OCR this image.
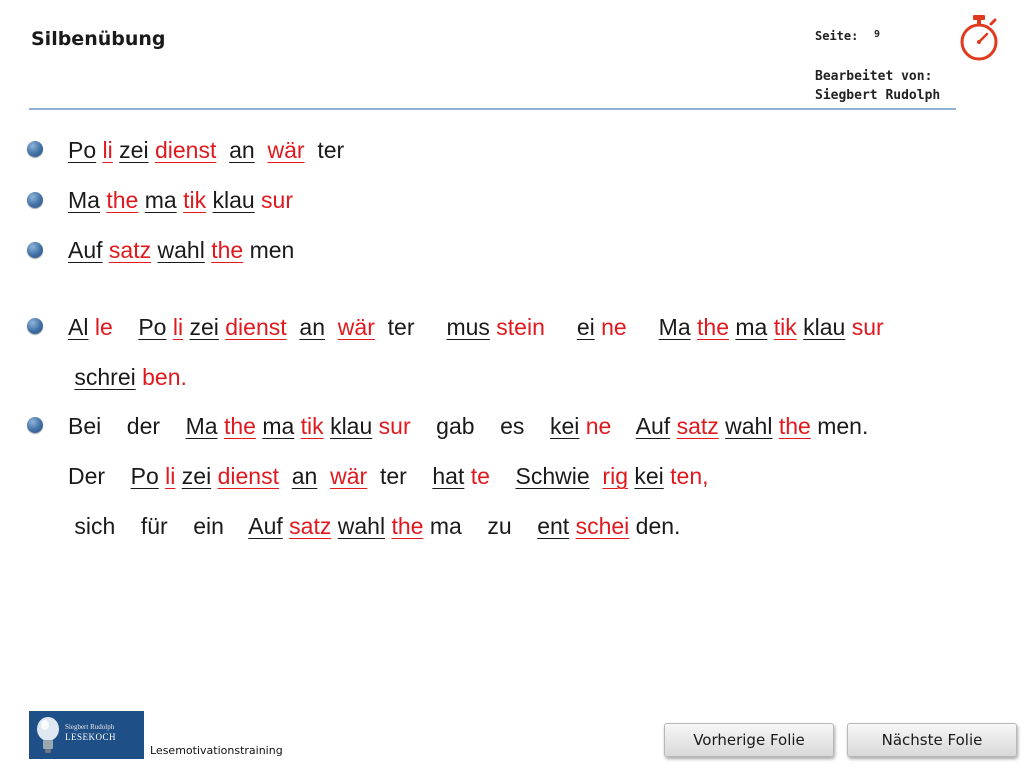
Silbenübung	Seite: 9
Bearbeitet von:
Siegbert Rudolph
Po li zei dienst an wär  ter
Ma the ma tik klau sur
Auf satz wahl the men
Al le Po li zei dienst an wär  ter     mus stein ei ne Ma the ma tik klau sur
schrei ben.
Bei    der    Ma the ma tik klau sur    gab    es    kei ne Auf satz wahl the men.
Der    Po li zei dienst an wär  ter    hat te Schwie rig kei ten,
sich    für    ein    Auf satz wahl the ma    zu    ent schei den.
Siegbert Rudolph
LESEKOCH
Lesemotivationstraining
Vorherige Folie	Nächste Folie
